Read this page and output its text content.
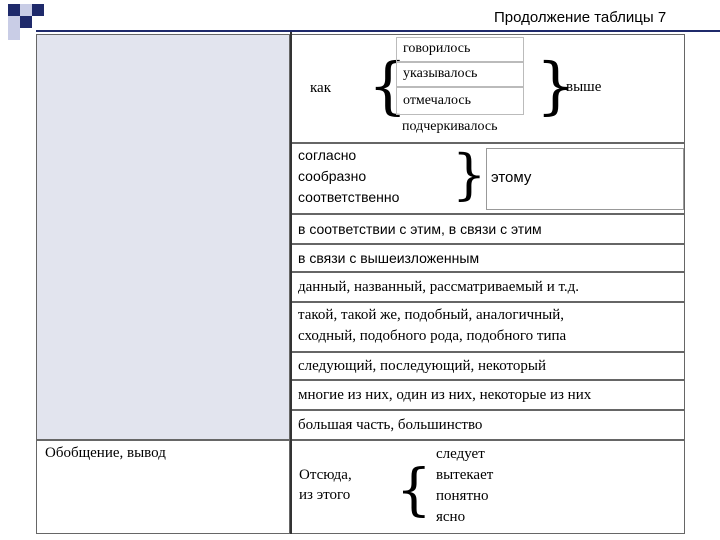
Продолжение таблицы 7
Обобщение, вывод
как {
говорилось
указывалось
отмечалось
подчеркивалось
}
выше
согласно
сообразно
соответственно } этому
в соответствии с этим, в связи с этим
в связи с вышеизложенным
данный, названный, рассматриваемый и т.д.
такой, такой же, подобный, аналогичный,
сходный, подобного рода, подобного типа
следующий, последующий, некоторый
многие из них, один из них, некоторые из них
большая часть, большинство
Отсюда,
из этого {
следует
вытекает
понятно
ясно
